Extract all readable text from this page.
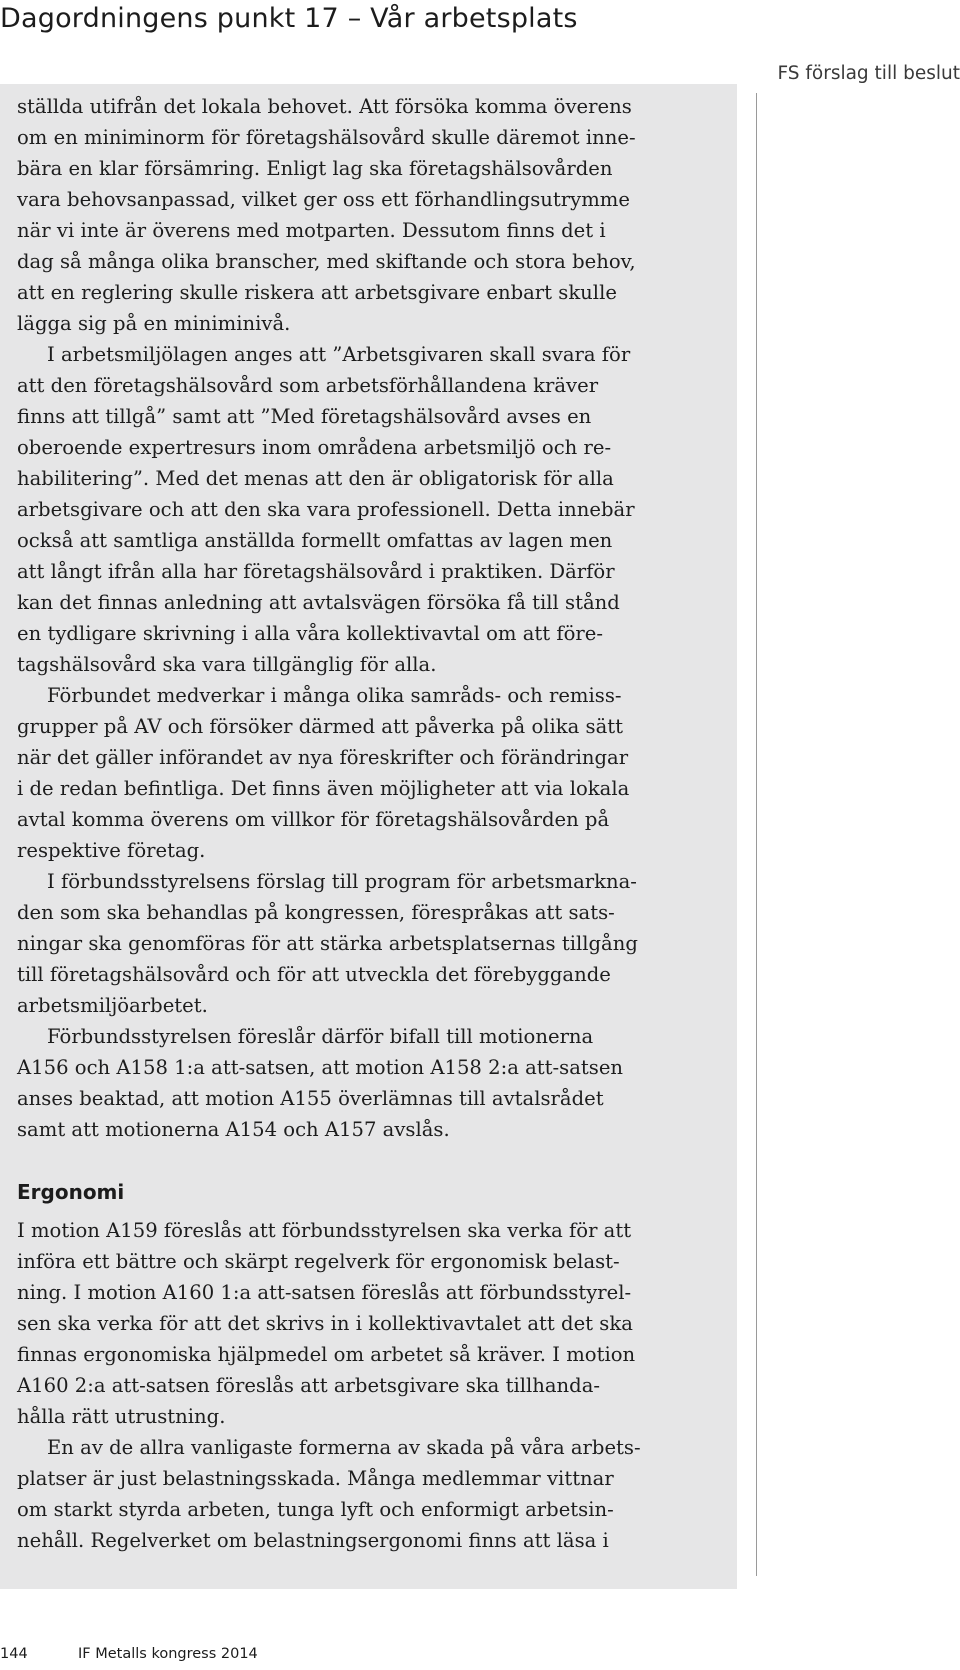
Dagordningens punkt 17 – Vår arbetsplats
FS förslag till beslut

ställda utifrån det lokala behovet. Att försöka komma överens
om en miniminorm för företagshälsovård skulle däremot inne-
bära en klar försämring. Enligt lag ska företagshälsovården
vara behovsanpassad, vilket ger oss ett förhandlingsutrymme
när vi inte är överens med motparten. Dessutom finns det i
dag så många olika branscher, med skiftande och stora behov,
att en reglering skulle riskera att arbetsgivare enbart skulle
lägga sig på en miniminivå.

I arbetsmiljölagen anges att ”Arbetsgivaren skall svara för
att den företagshälsovård som arbetsförhållandena kräver
finns att tillgå” samt att ”Med företagshälsovård avses en
oberoende expertresurs inom områdena arbetsmiljö och re-
habilitering”. Med det menas att den är obligatorisk för alla
arbetsgivare och att den ska vara professionell. Detta innebär
också att samtliga anställda formellt omfattas av lagen men
att långt ifrån alla har företagshälsovård i praktiken. Därför
kan det finnas anledning att avtalsvägen försöka få till stånd
en tydligare skrivning i alla våra kollektivavtal om att före-
tagshälsovård ska vara tillgänglig för alla.

Förbundet medverkar i många olika samråds- och remiss-
grupper på AV och försöker därmed att påverka på olika sätt
när det gäller införandet av nya föreskrifter och förändringar
i de redan befintliga. Det finns även möjligheter att via lokala
avtal komma överens om villkor för företagshälsovården på
respektive företag.

I förbundsstyrelsens förslag till program för arbetsmarkna-
den som ska behandlas på kongressen, förespråkas att sats-
ningar ska genomföras för att stärka arbetsplatsernas tillgång
till företagshälsovård och för att utveckla det förebyggande
arbetsmiljöarbetet.

Förbundsstyrelsen föreslår därför bifall till motionerna
A156 och A158 1:a att-satsen, att motion A158 2:a att-satsen
anses beaktad, att motion A155 överlämnas till avtalsrådet
samt att motionerna A154 och A157 avslås.

Ergonomi

I motion A159 föreslås att förbundsstyrelsen ska verka för att
införa ett bättre och skärpt regelverk för ergonomisk belast-
ning. I motion A160 1:a att-satsen föreslås att förbundsstyrel-
sen ska verka för att det skrivs in i kollektivavtalet att det ska
finnas ergonomiska hjälpmedel om arbetet så kräver. I motion
A160 2:a att-satsen föreslås att arbetsgivare ska tillhanda-
hålla rätt utrustning.

En av de allra vanligaste formerna av skada på våra arbets-
platser är just belastningsskada. Många medlemmar vittnar
om starkt styrda arbeten, tunga lyft och enformigt arbetsin-
nehåll. Regelverket om belastningsergonomi finns att läsa i

144	IF Metalls kongress 2014
